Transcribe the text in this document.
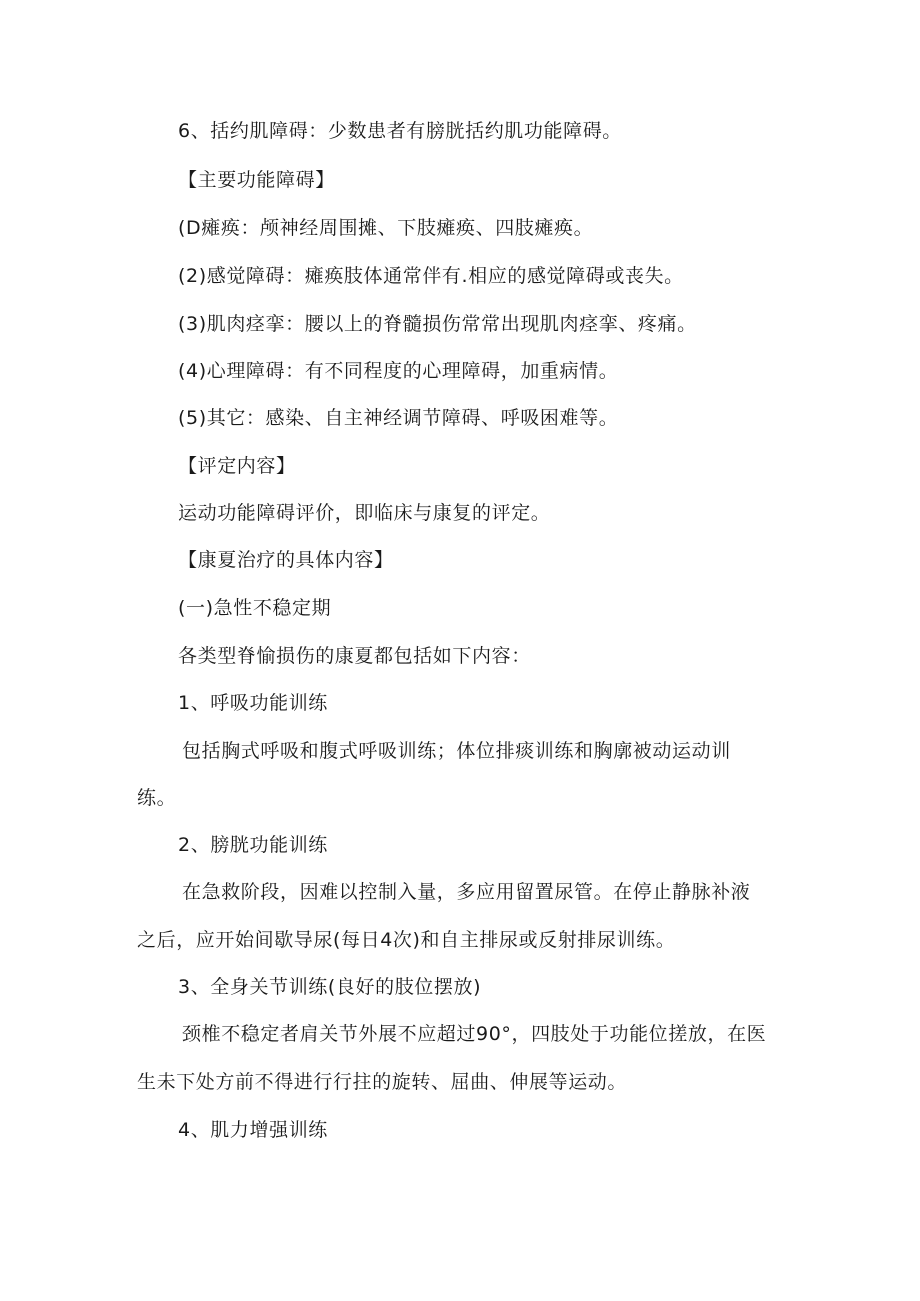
6、括约肌障碍：少数患者有膀胱括约肌功能障碍。
【主要功能障碍】
(D瘫痪：颅神经周围摊、下肢瘫痪、四肢瘫痪。
(2)感觉障碍：瘫痪肢体通常伴有.相应的感觉障碍或丧失。
(3)肌肉痉挛：腰以上的脊髓损伤常常出现肌肉痉挛、疼痛。
(4)心理障碍：有不同程度的心理障碍，加重病情。
(5)其它：感染、自主神经调节障碍、呼吸困难等。
【评定内容】
运动功能障碍评价，即临床与康复的评定。
【康夏治疗的具体内容】
(一)急性不稳定期
各类型脊愉损伤的康夏都包括如下内容：
1、呼吸功能训练
包括胸式呼吸和腹式呼吸训练；体位排痰训练和胸廓被动运动训
练。
2、膀胱功能训练
在急救阶段，因难以控制入量，多应用留置尿管。在停止静脉补液
之后，应开始间歇导尿(每日4次)和自主排尿或反射排尿训练。
3、全身关节训练(良好的肢位摆放)
颈椎不稳定者肩关节外展不应超过90°，四肢处于功能位搓放，在医
生未下处方前不得进行行拄的旋转、屈曲、伸展等运动。
4、肌力增强训练
